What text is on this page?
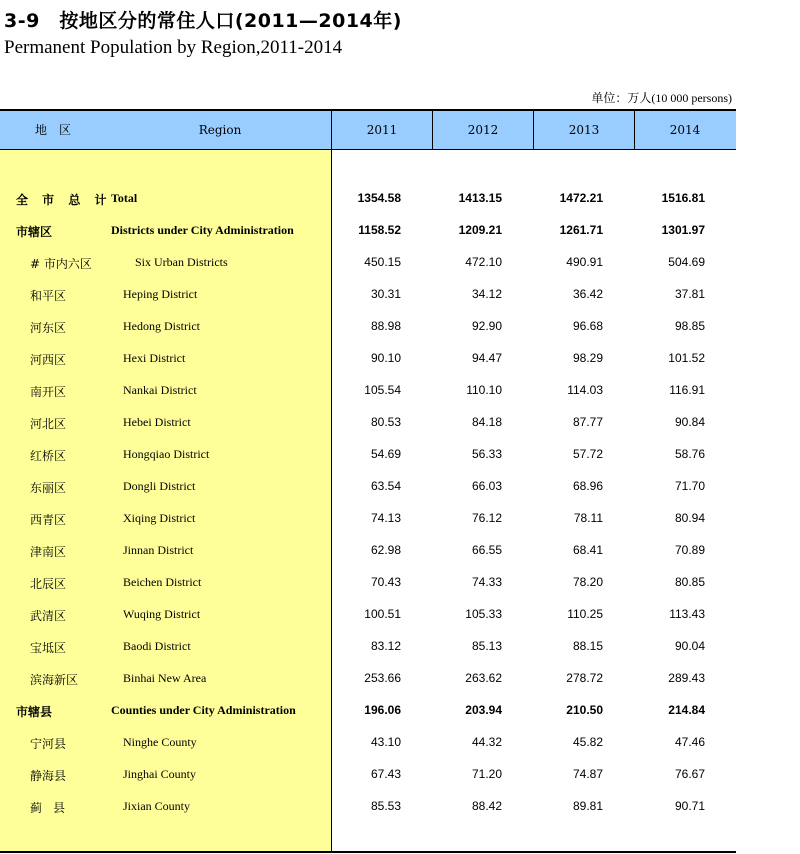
3-9　按地区分的常住人口(2011—2014年)
Permanent Population by Region,2011-2014
单位：万人(10 000 persons)
地　区	Region	2011	2012	2013	2014
全 市 总 计 Total	1354.58	1413.15	1472.21	1516.81
市辖区	Districts under City Administration	1158.52	1209.21	1261.71	1301.97
# 市内六区	Six Urban Districts	450.15	472.10	490.91	504.69
和平区	Heping District	30.31	34.12	36.42	37.81
河东区	Hedong District	88.98	92.90	96.68	98.85
河西区	Hexi District	90.10	94.47	98.29	101.52
南开区	Nankai District	105.54	110.10	114.03	116.91
河北区	Hebei District	80.53	84.18	87.77	90.84
红桥区	Hongqiao District	54.69	56.33	57.72	58.76
东丽区	Dongli District	63.54	66.03	68.96	71.70
西青区	Xiqing District	74.13	76.12	78.11	80.94
津南区	Jinnan District	62.98	66.55	68.41	70.89
北辰区	Beichen District	70.43	74.33	78.20	80.85
武清区	Wuqing District	100.51	105.33	110.25	113.43
宝坻区	Baodi District	83.12	85.13	88.15	90.04
滨海新区	Binhai New Area	253.66	263.62	278.72	289.43
市辖县	Counties under City Administration	196.06	203.94	210.50	214.84
宁河县	Ninghe County	43.10	44.32	45.82	47.46
静海县	Jinghai County	67.43	71.20	74.87	76.67
蓟县	Jixian County	85.53	88.42	89.81	90.71
